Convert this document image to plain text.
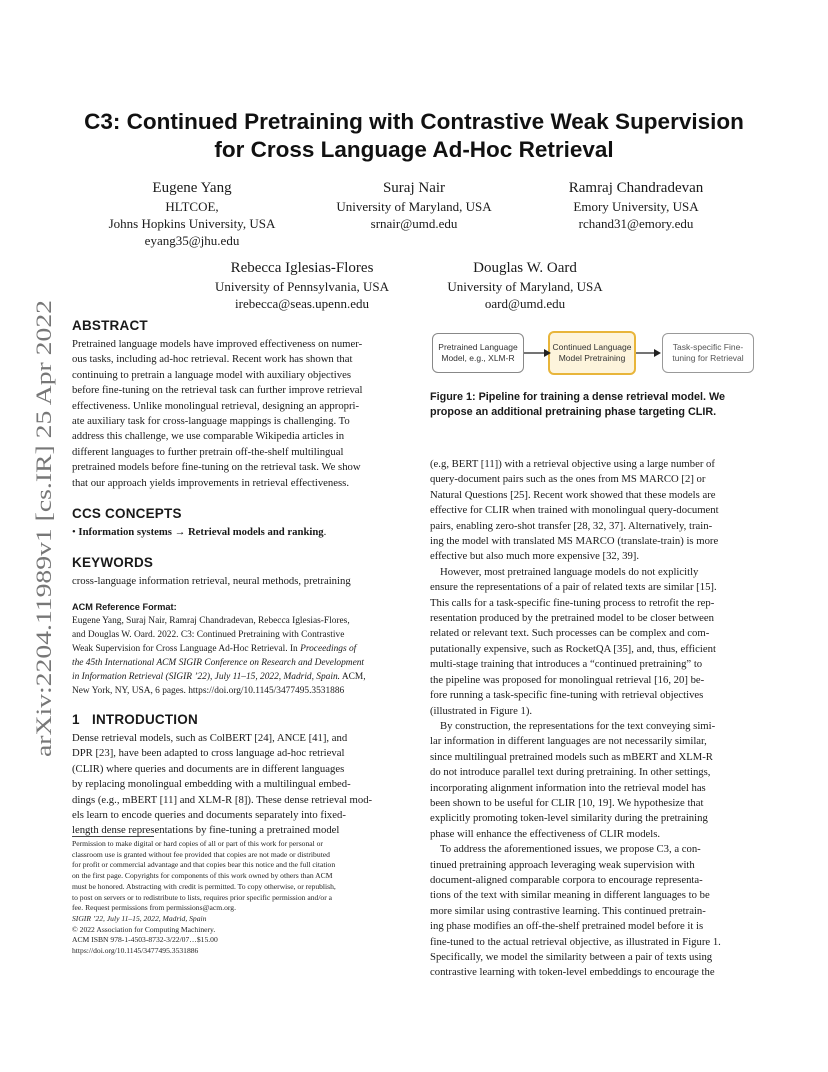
arXiv:2204.11989v1 [cs.IR] 25 Apr 2022
C3: Continued Pretraining with Contrastive Weak Supervision
for Cross Language Ad-Hoc Retrieval
Eugene Yang
HLTCOE,
Johns Hopkins University, USA
eyang35@jhu.edu
Suraj Nair
University of Maryland, USA
srnair@umd.edu
Ramraj Chandradevan
Emory University, USA
rchand31@emory.edu
Rebecca Iglesias-Flores
University of Pennsylvania, USA
irebecca@seas.upenn.edu
Douglas W. Oard
University of Maryland, USA
oard@umd.edu
ABSTRACT

Pretrained language models have improved effectiveness on numer-

ous tasks, including ad-hoc retrieval. Recent work has shown that

continuing to pretrain a language model with auxiliary objectives

before fine-tuning on the retrieval task can further improve retrieval

effectiveness. Unlike monolingual retrieval, designing an appropri-

ate auxiliary task for cross-language mappings is challenging. To

address this challenge, we use comparable Wikipedia articles in

different languages to further pretrain off-the-shelf multilingual

pretrained models before fine-tuning on the retrieval task. We show

that our approach yields improvements in retrieval effectiveness.

CCS CONCEPTS

• Information systems → Retrieval models and ranking.

KEYWORDS

cross-language information retrieval, neural methods, pretraining

ACM Reference Format:
Eugene Yang, Suraj Nair, Ramraj Chandradevan, Rebecca Iglesias-Flores,
and Douglas W. Oard. 2022. C3: Continued Pretraining with Contrastive
Weak Supervision for Cross Language Ad-Hoc Retrieval. In Proceedings of
the 45th International ACM SIGIR Conference on Research and Development
in Information Retrieval (SIGIR ’22), July 11–15, 2022, Madrid, Spain. ACM,
New York, NY, USA, 6 pages. https://doi.org/10.1145/3477495.3531886
1 INTRODUCTION

Dense retrieval models, such as ColBERT [24], ANCE [41], and

DPR [23], have been adapted to cross language ad-hoc retrieval

(CLIR) where queries and documents are in different languages

by replacing monolingual embedding with a multilingual embed-

dings (e.g., mBERT [11] and XLM-R [8]). These dense retrieval mod-

els learn to encode queries and documents separately into fixed-

length dense representations by fine-tuning a pretrained model

Permission to make digital or hard copies of all or part of this work for personal or

classroom use is granted without fee provided that copies are not made or distributed

for profit or commercial advantage and that copies bear this notice and the full citation

on the first page. Copyrights for components of this work owned by others than ACM

must be honored. Abstracting with credit is permitted. To copy otherwise, or republish,

to post on servers or to redistribute to lists, requires prior specific permission and/or a

fee. Request permissions from permissions@acm.org.

SIGIR ’22, July 11–15, 2022, Madrid, Spain

© 2022 Association for Computing Machinery.

ACM ISBN 978-1-4503-8732-3/22/07…$15.00

https://doi.org/10.1145/3477495.3531886

Pretrained Language
Model, e.g., XLM-R
Continued Language
Model Pretraining
Task-specific Fine-
tuning for Retrieval

Figure 1: Pipeline for training a dense retrieval model. We

propose an additional pretraining phase targeting CLIR.

(e.g, BERT [11]) with a retrieval objective using a large number of

query-document pairs such as the ones from MS MARCO [2] or

Natural Questions [25]. Recent work showed that these models are

effective for CLIR when trained with monolingual query-document

pairs, enabling zero-shot transfer [28, 32, 37]. Alternatively, train-

ing the model with translated MS MARCO (translate-train) is more

effective but also much more expensive [32, 39].

However, most pretrained language models do not explicitly

ensure the representations of a pair of related texts are similar [15].

This calls for a task-specific fine-tuning process to retrofit the rep-

resentation produced by the pretrained model to be closer between

related or relevant text. Such processes can be complex and com-

putationally expensive, such as RocketQA [35], and, thus, efficient

multi-stage training that introduces a “continued pretraining” to

the pipeline was proposed for monolingual retrieval [16, 20] be-

fore running a task-specific fine-tuning with retrieval objectives

(illustrated in Figure 1).

By construction, the representations for the text conveying simi-

lar information in different languages are not necessarily similar,

since multilingual pretrained models such as mBERT and XLM-R

do not introduce parallel text during pretraining. In other settings,

incorporating alignment information into the retrieval model has

been shown to be useful for CLIR [10, 19]. We hypothesize that

explicitly promoting token-level similarity during the pretraining

phase will enhance the effectiveness of CLIR models.

To address the aforementioned issues, we propose C3, a con-

tinued pretraining approach leveraging weak supervision with

document-aligned comparable corpora to encourage representa-

tions of the text with similar meaning in different languages to be

more similar using contrastive learning. This continued pretrain-

ing phase modifies an off-the-shelf pretrained model before it is

fine-tuned to the actual retrieval objective, as illustrated in Figure 1.

Specifically, we model the similarity between a pair of texts using

contrastive learning with token-level embeddings to encourage the
